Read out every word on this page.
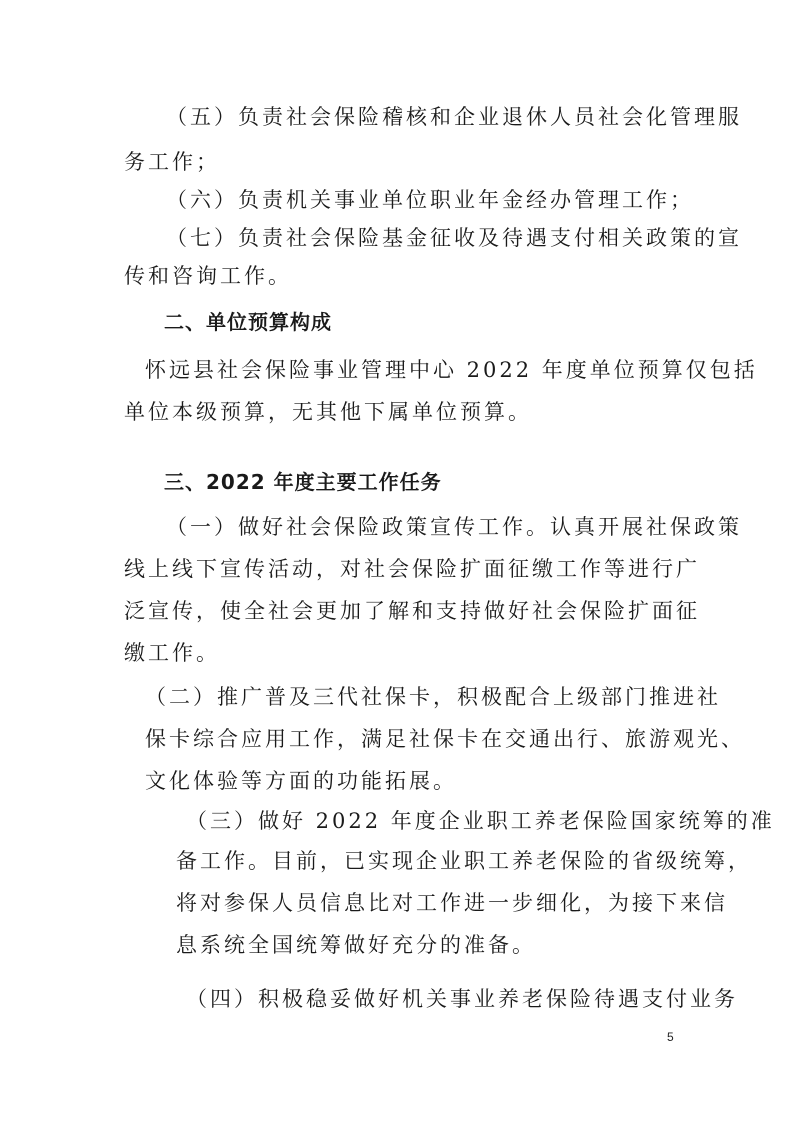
（五）负责社会保险稽核和企业退休人员社会化管理服
务工作；
（六）负责机关事业单位职业年金经办管理工作；
（七）负责社会保险基金征收及待遇支付相关政策的宣
传和咨询工作。
二、单位预算构成
怀远县社会保险事业管理中心 2022 年度单位预算仅包括
单位本级预算，无其他下属单位预算。
三、2022 年度主要工作任务
（一）做好社会保险政策宣传工作。认真开展社保政策
线上线下宣传活动，对社会保险扩面征缴工作等进行广
泛宣传，使全社会更加了解和支持做好社会保险扩面征
缴工作。
（二）推广普及三代社保卡，积极配合上级部门推进社
保卡综合应用工作，满足社保卡在交通出行、旅游观光、
文化体验等方面的功能拓展。
（三）做好 2022 年度企业职工养老保险国家统筹的准
备工作。目前，已实现企业职工养老保险的省级统筹，
将对参保人员信息比对工作进一步细化，为接下来信
息系统全国统筹做好充分的准备。
（四）积极稳妥做好机关事业养老保险待遇支付业务
5
